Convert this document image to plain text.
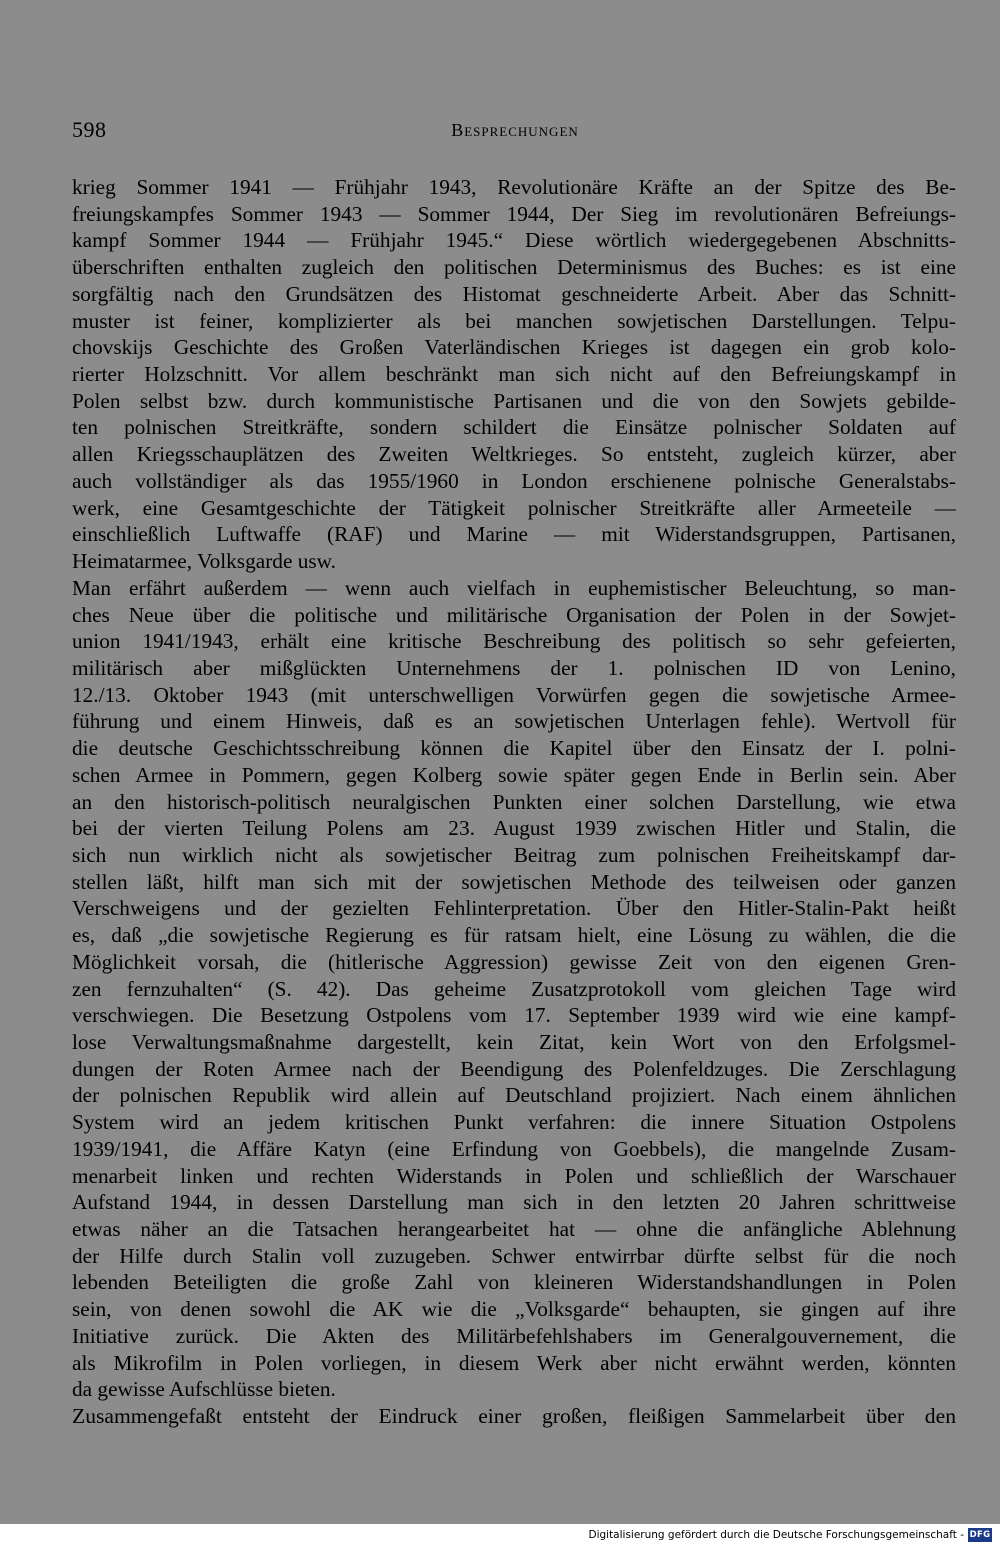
598	Besprechungen
krieg Sommer 1941 — Frühjahr 1943, Revolutionäre Kräfte an der Spitze des Be-
freiungskampfes Sommer 1943 — Sommer 1944, Der Sieg im revolutionären Befreiungs-
kampf Sommer 1944 — Frühjahr 1945.“ Diese wörtlich wiedergegebenen Abschnitts-
überschriften enthalten zugleich den politischen Determinismus des Buches: es ist eine
sorgfältig nach den Grundsätzen des Histomat geschneiderte Arbeit. Aber das Schnitt-
muster ist feiner, komplizierter als bei manchen sowjetischen Darstellungen. Telpu-
chovskijs Geschichte des Großen Vaterländischen Krieges ist dagegen ein grob kolo-
rierter Holzschnitt. Vor allem beschränkt man sich nicht auf den Befreiungskampf in
Polen selbst bzw. durch kommunistische Partisanen und die von den Sowjets gebilde-
ten polnischen Streitkräfte, sondern schildert die Einsätze polnischer Soldaten auf
allen Kriegsschauplätzen des Zweiten Weltkrieges. So entsteht, zugleich kürzer, aber
auch vollständiger als das 1955/1960 in London erschienene polnische Generalstabs-
werk, eine Gesamtgeschichte der Tätigkeit polnischer Streitkräfte aller Armeeteile —
einschließlich Luftwaffe (RAF) und Marine — mit Widerstandsgruppen, Partisanen,
Heimatarmee, Volksgarde usw.
Man erfährt außerdem — wenn auch vielfach in euphemistischer Beleuchtung, so man-
ches Neue über die politische und militärische Organisation der Polen in der Sowjet-
union 1941/1943, erhält eine kritische Beschreibung des politisch so sehr gefeierten,
militärisch aber mißglückten Unternehmens der 1. polnischen ID von Lenino,
12./13. Oktober 1943 (mit unterschwelligen Vorwürfen gegen die sowjetische Armee-
führung und einem Hinweis, daß es an sowjetischen Unterlagen fehle). Wertvoll für
die deutsche Geschichtsschreibung können die Kapitel über den Einsatz der I. polni-
schen Armee in Pommern, gegen Kolberg sowie später gegen Ende in Berlin sein. Aber
an den historisch-politisch neuralgischen Punkten einer solchen Darstellung, wie etwa
bei der vierten Teilung Polens am 23. August 1939 zwischen Hitler und Stalin, die
sich nun wirklich nicht als sowjetischer Beitrag zum polnischen Freiheitskampf dar-
stellen läßt, hilft man sich mit der sowjetischen Methode des teilweisen oder ganzen
Verschweigens und der gezielten Fehlinterpretation. Über den Hitler-Stalin-Pakt heißt
es, daß „die sowjetische Regierung es für ratsam hielt, eine Lösung zu wählen, die die
Möglichkeit vorsah, die (hitlerische Aggression) gewisse Zeit von den eigenen Gren-
zen fernzuhalten“ (S. 42). Das geheime Zusatzprotokoll vom gleichen Tage wird
verschwiegen. Die Besetzung Ostpolens vom 17. September 1939 wird wie eine kampf-
lose Verwaltungsmaßnahme dargestellt, kein Zitat, kein Wort von den Erfolgsmel-
dungen der Roten Armee nach der Beendigung des Polenfeldzuges. Die Zerschlagung
der polnischen Republik wird allein auf Deutschland projiziert. Nach einem ähnlichen
System wird an jedem kritischen Punkt verfahren: die innere Situation Ostpolens
1939/1941, die Affäre Katyn (eine Erfindung von Goebbels), die mangelnde Zusam-
menarbeit linken und rechten Widerstands in Polen und schließlich der Warschauer
Aufstand 1944, in dessen Darstellung man sich in den letzten 20 Jahren schrittweise
etwas näher an die Tatsachen herangearbeitet hat — ohne die anfängliche Ablehnung
der Hilfe durch Stalin voll zuzugeben. Schwer entwirrbar dürfte selbst für die noch
lebenden Beteiligten die große Zahl von kleineren Widerstandshandlungen in Polen
sein, von denen sowohl die AK wie die „Volksgarde“ behaupten, sie gingen auf ihre
Initiative zurück. Die Akten des Militärbefehlshabers im Generalgouvernement, die
als Mikrofilm in Polen vorliegen, in diesem Werk aber nicht erwähnt werden, könnten
da gewisse Aufschlüsse bieten.
Zusammengefaßt entsteht der Eindruck einer großen, fleißigen Sammelarbeit über den
Digitalisierung gefördert durch die Deutsche Forschungsgemeinschaft - DFG
